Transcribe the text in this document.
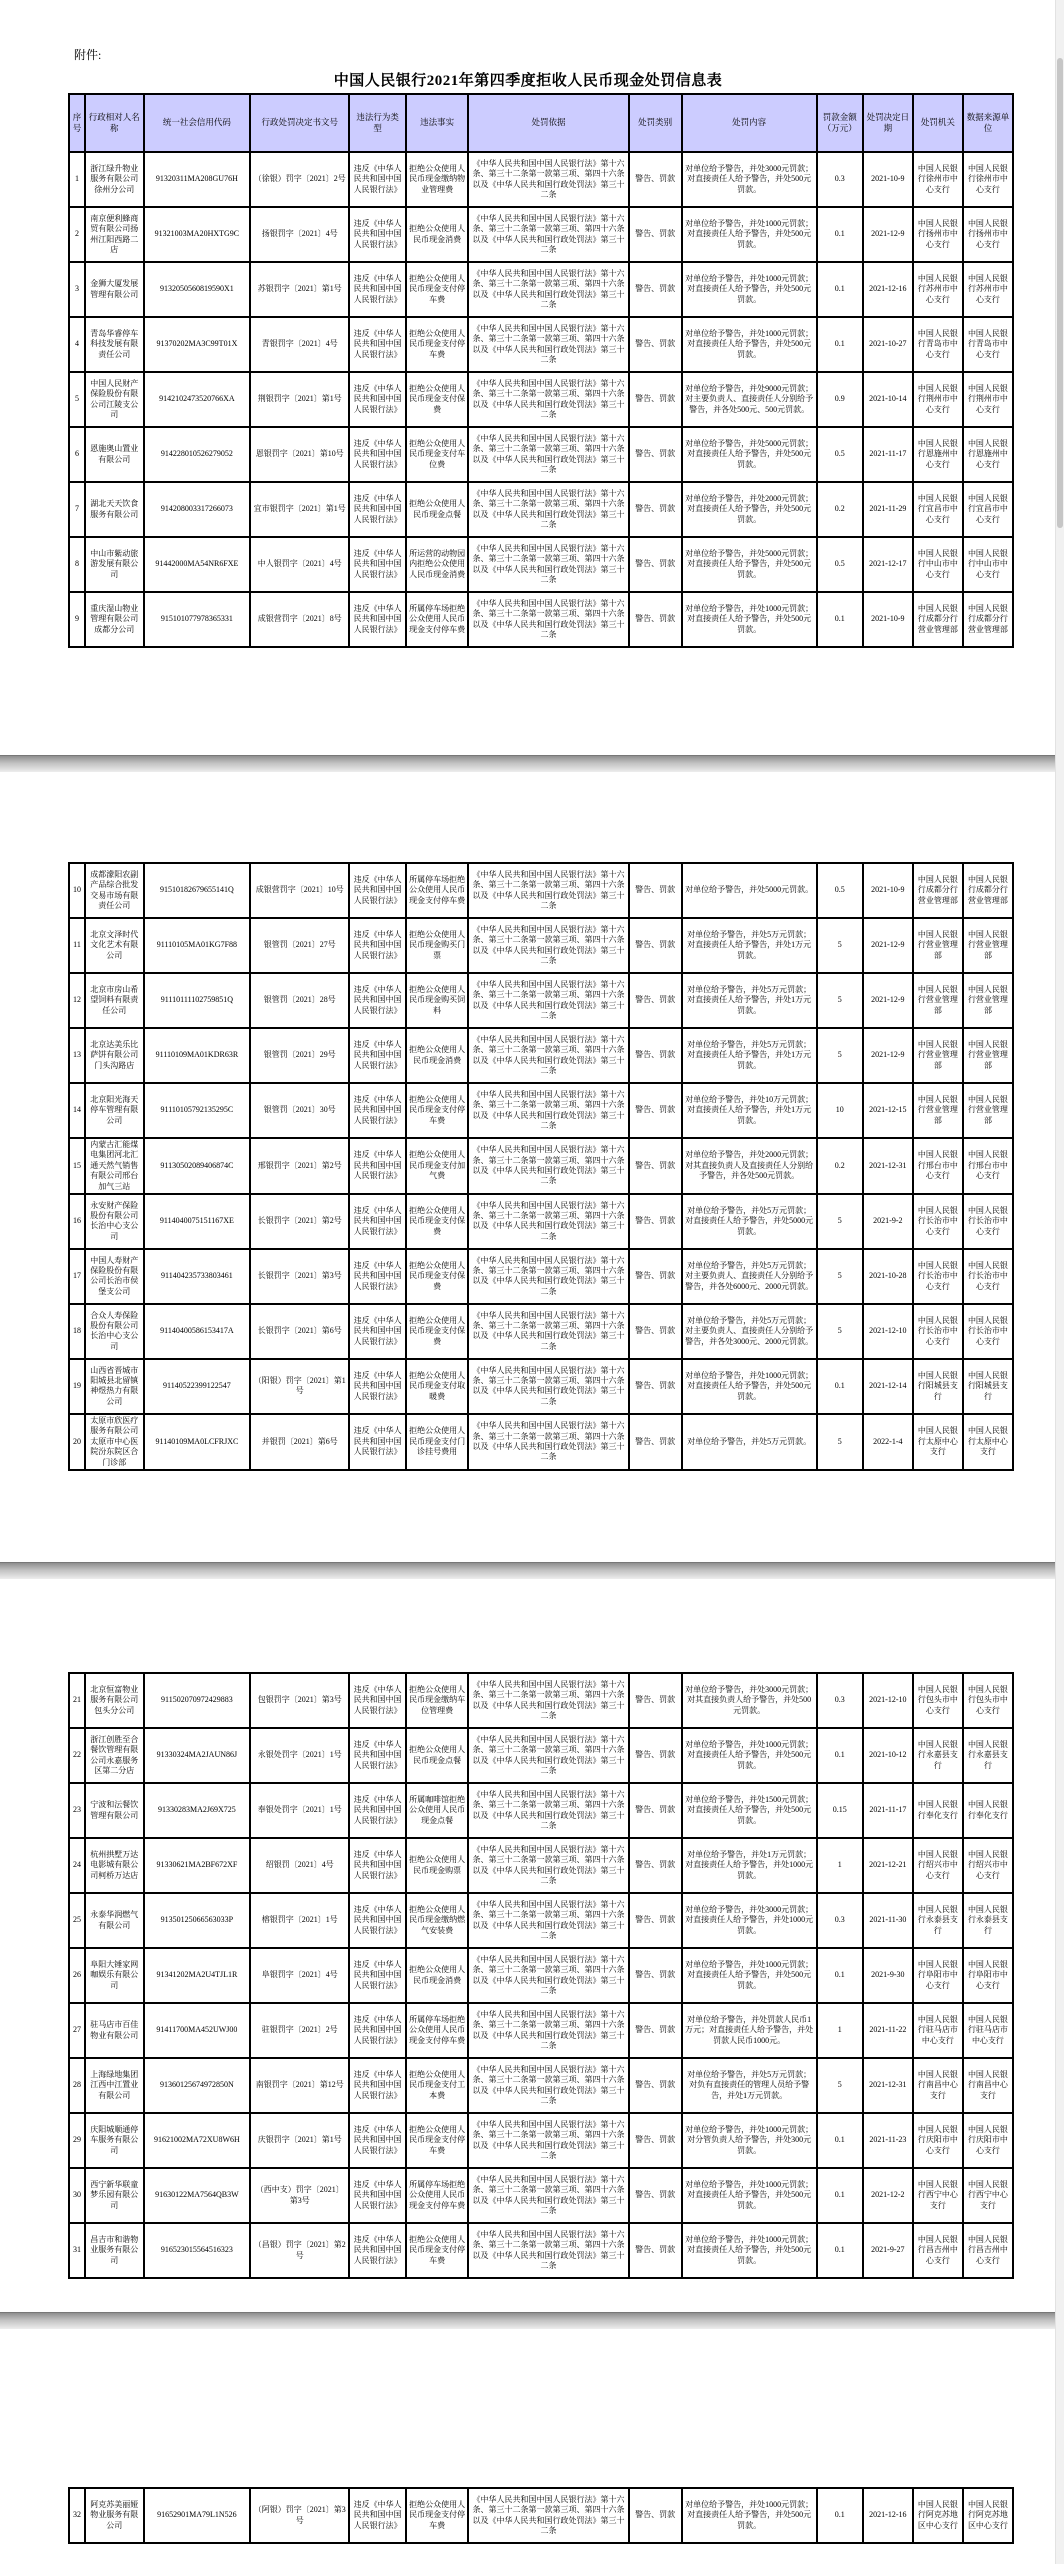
附件:
中国人民银行2021年第四季度拒收人民币现金处罚信息表
序号	行政相对人名称	统一社会信用代码	行政处罚决定书文号	违法行为类型	违法事实	处罚依据	处罚类别	处罚内容	罚款金额（万元）	处罚决定日期	处罚机关	数据来源单位
1	浙江绿升物业服务有限公司徐州分公司	91320311MA208GU76H	（徐银）罚字〔2021〕2号	违反《中华人民共和国中国人民银行法》	拒绝公众使用人民币现金缴纳物业管理费	《中华人民共和国中国人民银行法》第十六条、第三十二条第一款第三项、第四十六条以及《中华人民共和国行政处罚法》第三十二条	警告、罚款	对单位给予警告，并处3000元罚款；对直接责任人给予警告，并处500元罚款。	0.3	2021-10-9	中国人民银行徐州市中心支行	中国人民银行徐州市中心支行
2	南京便利蜂商贸有限公司扬州江阳西路二店	91321003MA20HXTG9C	扬银罚字〔2021〕4号	违反《中华人民共和国中国人民银行法》	拒绝公众使用人民币现金消费	《中华人民共和国中国人民银行法》第十六条、第三十二条第一款第三项、第四十六条以及《中华人民共和国行政处罚法》第三十二条	警告、罚款	对单位给予警告，并处1000元罚款；对直接责任人给予警告，并处500元罚款。	0.1	2021-12-9	中国人民银行扬州市中心支行	中国人民银行扬州市中心支行
3	金狮大厦发展管理有限公司	9132050560819590X1	苏银罚字〔2021〕第1号	违反《中华人民共和国中国人民银行法》	拒绝公众使用人民币现金支付停车费	《中华人民共和国中国人民银行法》第十六条、第三十二条第一款第三项、第四十六条以及《中华人民共和国行政处罚法》第三十二条	警告、罚款	对单位给予警告，并处1000元罚款；对直接责任人给予警告，并处500元罚款。	0.1	2021-12-16	中国人民银行苏州市中心支行	中国人民银行苏州市中心支行
4	青岛华睿停车科技发展有限责任公司	91370202MA3C99T01X	青银罚字〔2021〕4号	违反《中华人民共和国中国人民银行法》	拒绝公众使用人民币现金支付停车费	《中华人民共和国中国人民银行法》第十六条、第三十二条第一款第三项、第四十六条以及《中华人民共和国行政处罚法》第三十二条	警告、罚款	对单位给予警告，并处1000元罚款；对直接责任人给予警告，并处500元罚款。	0.1	2021-10-27	中国人民银行青岛市中心支行	中国人民银行青岛市中心支行
5	中国人民财产保险股份有限公司江陵支公司	9142102473520766XA	荆银罚字〔2021〕第1号	违反《中华人民共和国中国人民银行法》	拒绝公众使用人民币现金支付保费	《中华人民共和国中国人民银行法》第十六条、第三十二条第一款第三项、第四十六条以及《中华人民共和国行政处罚法》第三十二条	警告、罚款	对单位给予警告，并处9000元罚款；对主要负责人、直接责任人分别给予警告，并各处500元、500元罚款。	0.9	2021-10-14	中国人民银行荆州市中心支行	中国人民银行荆州市中心支行
6	恩施奥山置业有限公司	914228010526279052	恩银罚字〔2021〕第10号	违反《中华人民共和国中国人民银行法》	拒绝公众使用人民币现金支付车位费	《中华人民共和国中国人民银行法》第十六条、第三十二条第一款第三项、第四十六条以及《中华人民共和国行政处罚法》第三十二条	警告、罚款	对单位给予警告，并处5000元罚款；对直接责任人给予警告，并处500元罚款。	0.5	2021-11-17	中国人民银行恩施州中心支行	中国人民银行恩施州中心支行
7	湖北天天饮食服务有限公司	914208003317266073	宜市银罚字〔2021〕第1号	违反《中华人民共和国中国人民银行法》	拒绝公众使用人民币现金点餐	《中华人民共和国中国人民银行法》第十六条、第三十二条第一款第三项、第四十六条以及《中华人民共和国行政处罚法》第三十二条	警告、罚款	对单位给予警告，并处2000元罚款；对直接责任人给予警告，并处500元罚款。	0.2	2021-11-29	中国人民银行宜昌市中心支行	中国人民银行宜昌市中心支行
8	中山市紫动旅游发展有限公司	91442000MA54NR6FXE	中人银罚字〔2021〕4号	违反《中华人民共和国中国人民银行法》	所运营的动物园内拒绝公众使用人民币现金消费	《中华人民共和国中国人民银行法》第十六条、第三十二条第一款第三项、第四十六条以及《中华人民共和国行政处罚法》第三十二条	警告、罚款	对单位给予警告，并处5000元罚款；对直接责任人给予警告，并处500元罚款。	0.5	2021-12-17	中国人民银行中山市中心支行	中国人民银行中山市中心支行
9	重庆湿山物业管理有限公司成都分公司	915101077978365331	成银营罚字〔2021〕8号	违反《中华人民共和国中国人民银行法》	所属停车场拒绝公众使用人民币现金支付停车费	《中华人民共和国中国人民银行法》第十六条、第三十二条第一款第三项、第四十六条以及《中华人民共和国行政处罚法》第三十二条	警告、罚款	对单位给予警告，并处1000元罚款；对直接责任人给予警告，并处500元罚款。	0.1	2021-10-9	中国人民银行成都分行营业管理部	中国人民银行成都分行营业管理部
10	成都濛阳农副产品综合批发交易市场有限责任公司	91510182679655141Q	成银营罚字〔2021〕10号	违反《中华人民共和国中国人民银行法》	所属停车场拒绝公众使用人民币现金支付停车费	《中华人民共和国中国人民银行法》第十六条、第三十二条第一款第三项、第四十六条以及《中华人民共和国行政处罚法》第三十二条	警告、罚款	对单位给予警告，并处5000元罚款。	0.5	2021-10-9	中国人民银行成都分行营业管理部	中国人民银行成都分行营业管理部
11	北京文泽时代文化艺术有限公司	91110105MA01KG7F88	银管罚〔2021〕27号	违反《中华人民共和国中国人民银行法》	拒绝公众使用人民币现金购买门票	《中华人民共和国中国人民银行法》第十六条、第三十二条第一款第三项、第四十六条以及《中华人民共和国行政处罚法》第三十二条	警告、罚款	对单位给予警告，并处5万元罚款；对直接责任人给予警告，并处1万元罚款。	5	2021-12-9	中国人民银行营业管理部	中国人民银行营业管理部
12	北京市房山希望饲料有限责任公司	91110111102759851Q	银管罚〔2021〕28号	违反《中华人民共和国中国人民银行法》	拒绝公众使用人民币现金购买饲料	《中华人民共和国中国人民银行法》第十六条、第三十二条第一款第三项、第四十六条以及《中华人民共和国行政处罚法》第三十二条	警告、罚款	对单位给予警告，并处5万元罚款；对直接责任人给予警告，并处1万元罚款。	5	2021-12-9	中国人民银行营业管理部	中国人民银行营业管理部
13	北京达美乐比萨饼有限公司门头沟路店	91110109MA01KDR63R	银管罚〔2021〕29号	违反《中华人民共和国中国人民银行法》	拒绝公众使用人民币现金消费	《中华人民共和国中国人民银行法》第十六条、第三十二条第一款第三项、第四十六条以及《中华人民共和国行政处罚法》第三十二条	警告、罚款	对单位给予警告，并处5万元罚款；对直接责任人给予警告，并处1万元罚款。	5	2021-12-9	中国人民银行营业管理部	中国人民银行营业管理部
14	北京阳光海天停车管理有限公司	91110105792135295C	银管罚〔2021〕30号	违反《中华人民共和国中国人民银行法》	拒绝公众使用人民币现金支付停车费	《中华人民共和国中国人民银行法》第十六条、第三十二条第一款第三项、第四十六条以及《中华人民共和国行政处罚法》第三十二条	警告、罚款	对单位给予警告，并处10万元罚款；对直接责任人给予警告，并处1万元罚款。	10	2021-12-15	中国人民银行营业管理部	中国人民银行营业管理部
15	内蒙古汇能煤电集团河北汇通天然气销售有限公司邢台加气三站	91130502089406874C	邢银罚字〔2021〕第2号	违反《中华人民共和国中国人民银行法》	拒绝公众使用人民币现金支付加气费	《中华人民共和国中国人民银行法》第十六条、第三十二条第一款第三项、第四十六条以及《中华人民共和国行政处罚法》第三十二条	警告、罚款	对单位给予警告，并处2000元罚款；对其直接负责人及直接责任人分别给予警告，并各处500元罚款。	0.2	2021-12-31	中国人民银行邢台市中心支行	中国人民银行邢台市中心支行
16	永安财产保险股份有限公司长治中心支公司	9114040075151167XE	长银罚字〔2021〕第2号	违反《中华人民共和国中国人民银行法》	拒绝公众使用人民币现金支付保费	《中华人民共和国中国人民银行法》第十六条、第三十二条第一款第三项、第四十六条以及《中华人民共和国行政处罚法》第三十二条	警告、罚款	对单位给予警告，并处5万元罚款；对直接责任人给予警告，并处5000元罚款。	5	2021-9-2	中国人民银行长治市中心支行	中国人民银行长治市中心支行
17	中国人寿财产保险股份有限公司长治市侯堡支公司	911404235733803461	长银罚字〔2021〕第3号	违反《中华人民共和国中国人民银行法》	拒绝公众使用人民币现金支付保费	《中华人民共和国中国人民银行法》第十六条、第三十二条第一款第三项、第四十六条以及《中华人民共和国行政处罚法》第三十二条	警告、罚款	对单位给予警告，并处5万元罚款；对主要负责人、直接责任人分别给予警告，并各处6000元、2000元罚款。	5	2021-10-28	中国人民银行长治市中心支行	中国人民银行长治市中心支行
18	合众人寿保险股份有限公司长治中心支公司	91140400586153417A	长银罚字〔2021〕第6号	违反《中华人民共和国中国人民银行法》	拒绝公众使用人民币现金支付保费	《中华人民共和国中国人民银行法》第十六条、第三十二条第一款第三项、第四十六条以及《中华人民共和国行政处罚法》第三十二条	警告、罚款	对单位给予警告，并处5万元罚款；对主要负责人、直接责任人分别给予警告，并各处3000元、2000元罚款。	5	2021-12-10	中国人民银行长治市中心支行	中国人民银行长治市中心支行
19	山西省晋城市阳城县北留镇神煜热力有限公司	91140522399122547	（阳银）罚字〔2021〕第1号	违反《中华人民共和国中国人民银行法》	拒绝公众使用人民币现金支付取暖费	《中华人民共和国中国人民银行法》第十六条、第三十二条第一款第三项、第四十六条以及《中华人民共和国行政处罚法》第三十二条	警告、罚款	对单位给予警告，并处1000元罚款；对直接责任人给予警告，并处500元罚款。	0.1	2021-12-14	中国人民银行阳城县支行	中国人民银行阳城县支行
20	太原市欣医疗服务有限公司太原市中心医院汾东院区合门诊部	91140109MA0LCFRJXC	并银罚〔2021〕第6号	违反《中华人民共和国中国人民银行法》	拒绝公众使用人民币现金支付门诊挂号费用	《中华人民共和国中国人民银行法》第十六条、第三十二条第一款第三项、第四十六条以及《中华人民共和国行政处罚法》第三十二条	警告、罚款	对单位给予警告，并处5万元罚款。	5	2022-1-4	中国人民银行太原中心支行	中国人民银行太原中心支行
21	北京恒富物业服务有限公司包头分公司	911502070972429883	包银罚字〔2021〕第3号	违反《中华人民共和国中国人民银行法》	拒绝公众使用人民币现金缴纳车位管理费	《中华人民共和国中国人民银行法》第十六条、第三十二条第一款第三项、第四十六条以及《中华人民共和国行政处罚法》第三十二条	警告、罚款	对单位给予警告，并处3000元罚款；对其直接负责人给予警告，并处500元罚款。	0.3	2021-12-10	中国人民银行包头市中心支行	中国人民银行包头市中心支行
22	浙江创胜至合餐饮管理有限公司永嘉服务区第二分店	91330324MA2JAUN86J	永银处罚字〔2021〕1号	违反《中华人民共和国中国人民银行法》	拒绝公众使用人民币现金点餐	《中华人民共和国中国人民银行法》第十六条、第三十二条第一款第三项、第四十六条以及《中华人民共和国行政处罚法》第三十二条	警告、罚款	对单位给予警告，并处1000元罚款；对直接责任人给予警告，并处500元罚款。	0.1	2021-10-12	中国人民银行永嘉县支行	中国人民银行永嘉县支行
23	宁波和沄餐饮管理有限公司	91330283MA2J69X725	奉银处罚字〔2021〕1号	违反《中华人民共和国中国人民银行法》	所属咖啡馆拒绝公众使用人民币现金点餐	《中华人民共和国中国人民银行法》第十六条、第三十二条第一款第三项、第四十六条以及《中华人民共和国行政处罚法》第三十二条	警告、罚款	对单位给予警告，并处1500元罚款；对直接责任人给予警告，并处500元罚款。	0.15	2021-11-17	中国人民银行奉化支行	中国人民银行奉化支行
24	杭州拱墅万达电影城有限公司柯桥万达店	91330621MA2BF672XF	绍银罚〔2021〕4号	违反《中华人民共和国中国人民银行法》	拒绝公众使用人民币现金购票	《中华人民共和国中国人民银行法》第十六条、第三十二条第一款第三项、第四十六条以及《中华人民共和国行政处罚法》第三十二条	警告、罚款	对单位给予警告，并处1万元罚款；对直接责任人给予警告，并处1000元罚款。	1	2021-12-21	中国人民银行绍兴市中心支行	中国人民银行绍兴市中心支行
25	永泰华润燃气有限公司	91350125066563033P	榕银罚字〔2021〕1号	违反《中华人民共和国中国人民银行法》	拒绝公众使用人民币现金缴纳燃气安装费	《中华人民共和国中国人民银行法》第十六条、第三十二条第一款第三项、第四十六条以及《中华人民共和国行政处罚法》第三十二条	警告、罚款	对单位给予警告，并处3000元罚款；对直接责任人给予警告，并处1000元罚款。	0.3	2021-11-30	中国人民银行永泰县支行	中国人民银行永泰县支行
26	阜阳大锤家网咖娱乐有限公司	91341202MA2U4TJL1R	阜银罚字〔2021〕4号	违反《中华人民共和国中国人民银行法》	拒绝公众使用人民币现金消费	《中华人民共和国中国人民银行法》第十六条、第三十二条第一款第三项、第四十六条以及《中华人民共和国行政处罚法》第三十二条	警告、罚款	对单位给予警告，并处1000元罚款；对直接责任人给予警告，并处500元罚款。	0.1	2021-9-30	中国人民银行阜阳市中心支行	中国人民银行阜阳市中心支行
27	驻马店市百佳物业有限公司	91411700MA452UWJ00	驻银罚字〔2021〕2号	违反《中华人民共和国中国人民银行法》	所属停车场拒绝公众使用人民币现金支付停车费	《中华人民共和国中国人民银行法》第十六条、第三十二条第一款第三项、第四十六条以及《中华人民共和国行政处罚法》第三十二条	警告、罚款	对单位给予警告，并处罚款人民币1万元；对直接责任人给予警告，并处罚款人民币1000元。	1	2021-11-22	中国人民银行驻马店市中心支行	中国人民银行驻马店市中心支行
28	上海绿地集团江西中江置业有限公司	91360125674972850N	南银罚字〔2021〕第12号	违反《中华人民共和国中国人民银行法》	拒绝公众使用人民币现金支付工本费	《中华人民共和国中国人民银行法》第十六条、第三十二条第一款第三项、第四十六条以及《中华人民共和国行政处罚法》第三十二条	警告、罚款	对单位给予警告，并处5万元罚款；对负有直接责任的管理人员给予警告，并处1万元罚款。	5	2021-12-31	中国人民银行南昌中心支行	中国人民银行南昌中心支行
29	庆阳城顺通停车服务有限公司	91621002MA72XU8W6H	庆银罚字〔2021〕第1号	违反《中华人民共和国中国人民银行法》	拒绝公众使用人民币现金支付停车费	《中华人民共和国中国人民银行法》第十六条、第三十二条第一款第三项、第四十六条以及《中华人民共和国行政处罚法》第三十二条	警告、罚款	对单位给予警告，并处1000元罚款；对分管负责人给予警告，并处300元罚款。	0.1	2021-11-23	中国人民银行庆阳市中心支行	中国人民银行庆阳市中心支行
30	西宁新华联童梦乐园有限公司	91630122MA7564QB3W	（西中支）罚字〔2021〕第3号	违反《中华人民共和国中国人民银行法》	所属停车场拒绝公众使用人民币现金支付停车费	《中华人民共和国中国人民银行法》第十六条、第三十二条第一款第三项、第四十六条以及《中华人民共和国行政处罚法》第三十二条	警告、罚款	对单位给予警告，并处1000元罚款；对直接责任人给予警告，并处500元罚款。	0.1	2021-12-2	中国人民银行西宁中心支行	中国人民银行西宁中心支行
31	昌吉市和谐物业服务有限公司	916523015564516323	（昌银）罚字〔2021〕第2号	违反《中华人民共和国中国人民银行法》	拒绝公众使用人民币现金支付停车费	《中华人民共和国中国人民银行法》第十六条、第三十二条第一款第三项、第四十六条以及《中华人民共和国行政处罚法》第三十二条	警告、罚款	对单位给予警告，并处1000元罚款；对直接责任人给予警告，并处500元罚款。	0.1	2021-9-27	中国人民银行昌吉州中心支行	中国人民银行昌吉州中心支行
32	阿克苏美丽娅物业服务有限公司	91652901MA79L1N526	（阿银）罚字〔2021〕第3号	违反《中华人民共和国中国人民银行法》	拒绝公众使用人民币现金支付停车费	《中华人民共和国中国人民银行法》第十六条、第三十二条第一款第三项、第四十六条以及《中华人民共和国行政处罚法》第三十二条	警告、罚款	对单位给予警告，并处1000元罚款；对直接责任人给予警告，并处500元罚款。	0.1	2021-12-16	中国人民银行阿克苏地区中心支行	中国人民银行阿克苏地区中心支行
